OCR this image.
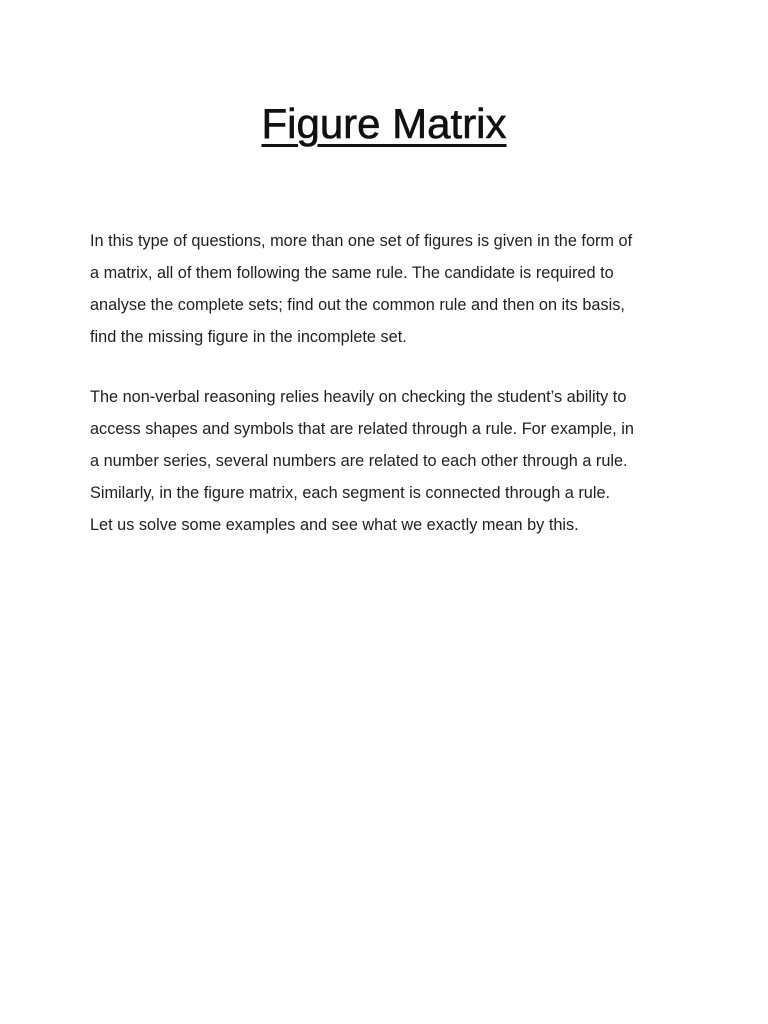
Figure Matrix

In this type of questions, more than one set of figures is given in the form of
a matrix, all of them following the same rule. The candidate is required to
analyse the complete sets; find out the common rule and then on its basis,
find the missing figure in the incomplete set.

The non-verbal reasoning relies heavily on checking the student’s ability to
access shapes and symbols that are related through a rule. For example, in
a number series, several numbers are related to each other through a rule.
Similarly, in the figure matrix, each segment is connected through a rule.
Let us solve some examples and see what we exactly mean by this.
